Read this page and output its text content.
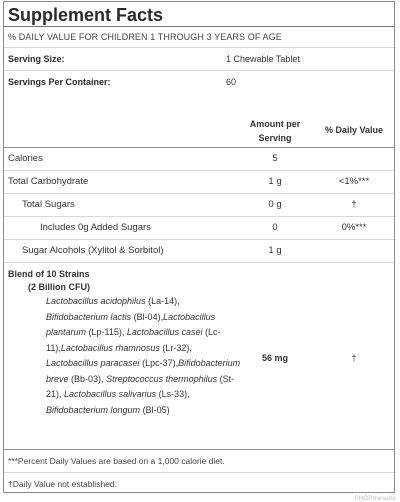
Supplement Facts
% DAILY VALUE FOR CHILDREN 1 THROUGH 3 YEARS OF AGE
Serving Size:	1 Chewable Tablet
Servings Per Container:	60
Amount per Serving
% Daily Value
Calories	5
Total Carbohydrate	1 g	<1%***
Total Sugars	0 g	†
Includes 0g Added Sugars	0	0%***
Sugar Alcohols (Xylitol & Sorbitol)	1 g
Blend of 10 Strains
(2 Billion CFU)
Lactobacillus acidophilus (La-14), Bifidobacterium lactis (Bl-04),Lactobacillus plantarum (Lp-115), Lactobacillus casei (Lc-11),Lactobacillus rhamnosus (Lr-32), Lactobacillus paracasei (Lpc-37),Bifidobacterium breve (Bb-03), Streptococcus thermophilus (St-21), Lactobacillus salivarius (Ls-33), Bifidobacterium longum (Bl-05)
56 mg	†
***Percent Daily Values are based on a 1,000 calorie diet.
†Daily Value not established.
SHOPthesuite
